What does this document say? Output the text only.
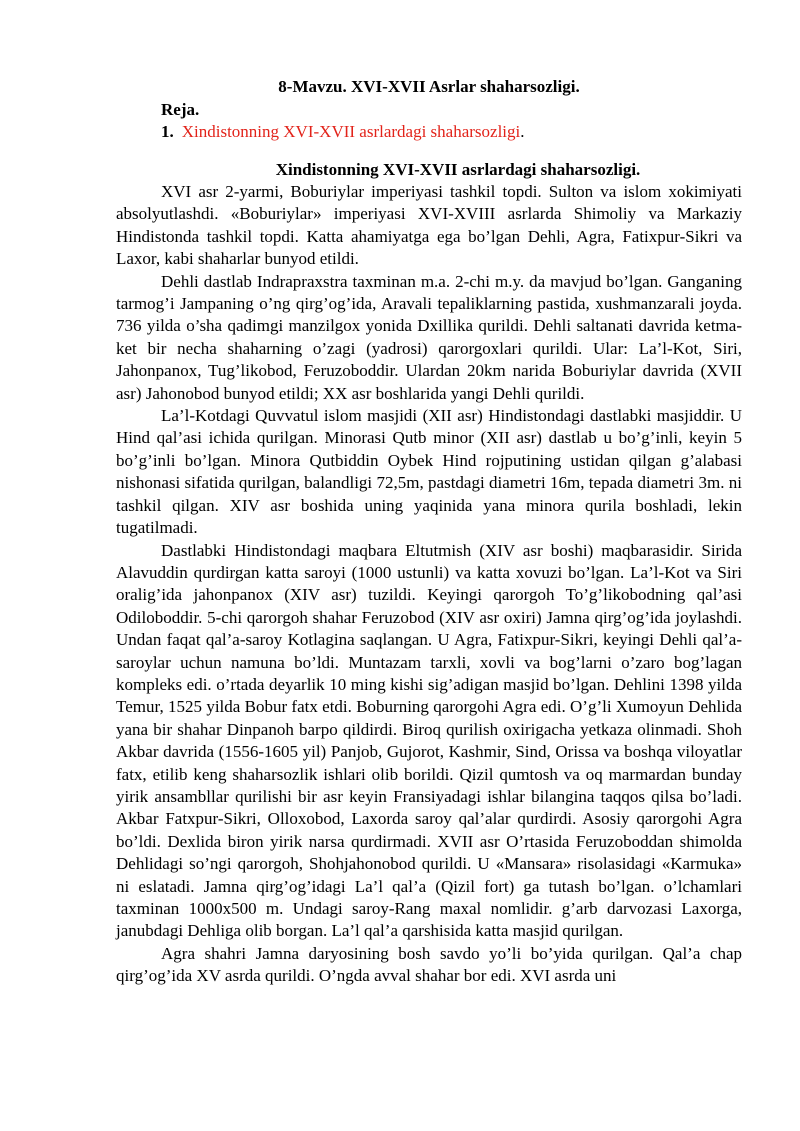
8-Mavzu. XVI-XVII Asrlar shaharsozligi.
Reja.
1. Xindistonning XVI-XVII asrlardagi shaharsozligi.
Xindistonning XVI-XVII asrlardagi shaharsozligi.

XVI asr 2-yarmi, Boburiylar imperiyasi tashkil topdi. Sulton va islom xokimiyati absolyutlashdi. «Boburiylar» imperiyasi XVI-XVIII asrlarda Shimoliy va Markaziy Hindistonda tashkil topdi. Katta ahamiyatga ega bo’lgan Dehli, Agra, Fatixpur-Sikri va Laxor, kabi shaharlar bunyod etildi.

Dehli dastlab Indrapraxstra taxminan m.a. 2-chi m.y. da mavjud bo’lgan. Ganganing tarmog’i Jampaning o’ng qirg’og’ida, Aravali tepaliklarning pastida, xushmanzarali joyda. 736 yilda o’sha qadimgi manzilgox yonida Dxillika qurildi. Dehli saltanati davrida ketma-ket bir necha shaharning o’zagi (yadrosi) qarorgoxlari qurildi. Ular: La’l-Kot, Siri, Jahonpanox, Tug’likobod, Feruzoboddir. Ulardan 20km narida Boburiylar davrida (XVII asr) Jahonobod bunyod etildi; XX asr boshlarida yangi Dehli qurildi.

La’l-Kotdagi Quvvatul islom masjidi (XII asr) Hindistondagi dastlabki masjiddir. U Hind qal’asi ichida qurilgan. Minorasi Qutb minor (XII asr) dastlab u bo’g’inli, keyin 5 bo’g’inli bo’lgan. Minora Qutbiddin Oybek Hind rojputining ustidan qilgan g’alabasi nishonasi sifatida qurilgan, balandligi 72,5m, pastdagi diametri 16m, tepada diametri 3m. ni tashkil qilgan. XIV asr boshida uning yaqinida yana minora qurila boshladi, lekin tugatilmadi.

Dastlabki Hindistondagi maqbara Eltutmish (XIV asr boshi) maqbarasidir. Sirida Alavuddin qurdirgan katta saroyi (1000 ustunli) va katta xovuzi bo’lgan. La’l-Kot va Siri oralig’ida jahonpanox (XIV asr) tuzildi. Keyingi qarorgoh To’g’likobodning qal’asi Odiloboddir. 5-chi qarorgoh shahar Feruzobod (XIV asr oxiri) Jamna qirg’og’ida joylashdi. Undan faqat qal’a-saroy Kotlagina saqlangan. U Agra, Fatixpur-Sikri, keyingi Dehli qal’a-saroylar uchun namuna bo’ldi. Muntazam tarxli, xovli va bog’larni o’zaro bog’lagan kompleks edi. o’rtada deyarlik 10 ming kishi sig’adigan masjid bo’lgan. Dehlini 1398 yilda Temur, 1525 yilda Bobur fatx etdi. Boburning qarorgohi Agra edi. O’g’li Xumoyun Dehlida yana bir shahar Dinpanoh barpo qildirdi. Biroq qurilish oxirigacha yetkaza olinmadi. Shoh Akbar davrida (1556-1605 yil) Panjob, Gujorot, Kashmir, Sind, Orissa va boshqa viloyatlar fatx, etilib keng shaharsozlik ishlari olib borildi. Qizil qumtosh va oq marmardan bunday yirik ansambllar qurilishi bir asr keyin Fransiyadagi ishlar bilangina taqqos qilsa bo’ladi. Akbar Fatxpur-Sikri, Olloxobod, Laxorda saroy qal’alar qurdirdi. Asosiy qarorgohi Agra bo’ldi. Dexlida biron yirik narsa qurdirmadi. XVII asr O’rtasida Feruzoboddan shimolda Dehlidagi so’ngi qarorgoh, Shohjahonobod qurildi. U «Mansara» risolasidagi «Karmuka» ni eslatadi. Jamna qirg’og’idagi La’l qal’a (Qizil fort) ga tutash bo’lgan. o’lchamlari taxminan 1000x500 m. Undagi saroy-Rang maxal nomlidir. g’arb darvozasi Laxorga, janubdagi Dehliga olib borgan. La’l qal’a qarshisida katta masjid qurilgan.

Agra shahri Jamna daryosining bosh savdo yo’li bo’yida qurilgan. Qal’a chap qirg’og’ida XV asrda qurildi. O’ngda avval shahar bor edi. XVI asrda uni
